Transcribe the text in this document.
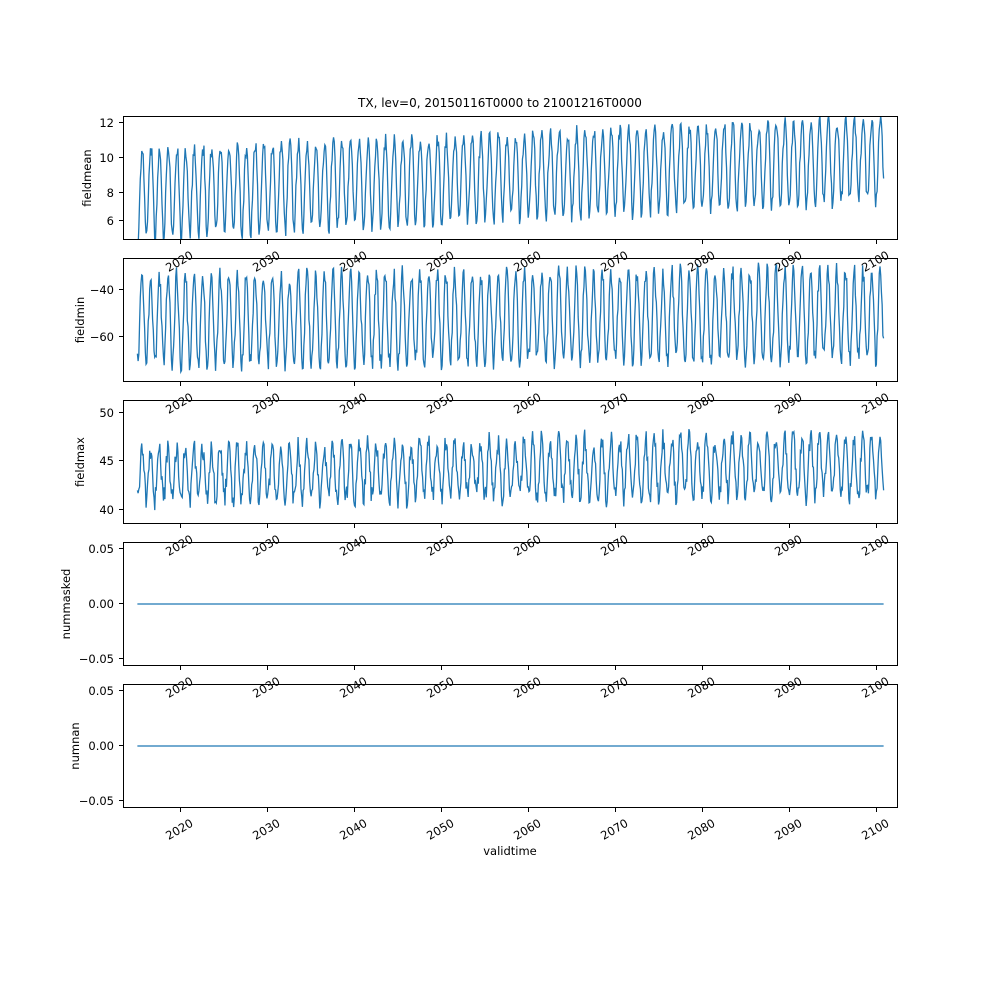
TX, lev=0, 20150116T0000 to 21001216T0000
fieldmean
6
8
10
12
fieldmin −60
−40
fieldmax
40
45
50
nummasked
−0.05
0.00
0.05
numnan
−0.05
0.00
0.05
2020	2030	2040	2050	2060	2070	2080	2090	2100
2020	2030	2040	2050	2060	2070	2080	2090	2100
2020	2030	2040	2050	2060	2070	2080	2090	2100
2020	2030	2040	2050	2060	2070	2080	2090	2100
2020	2030	2040	2050	2060	2070	2080	2090	2100
validtime
